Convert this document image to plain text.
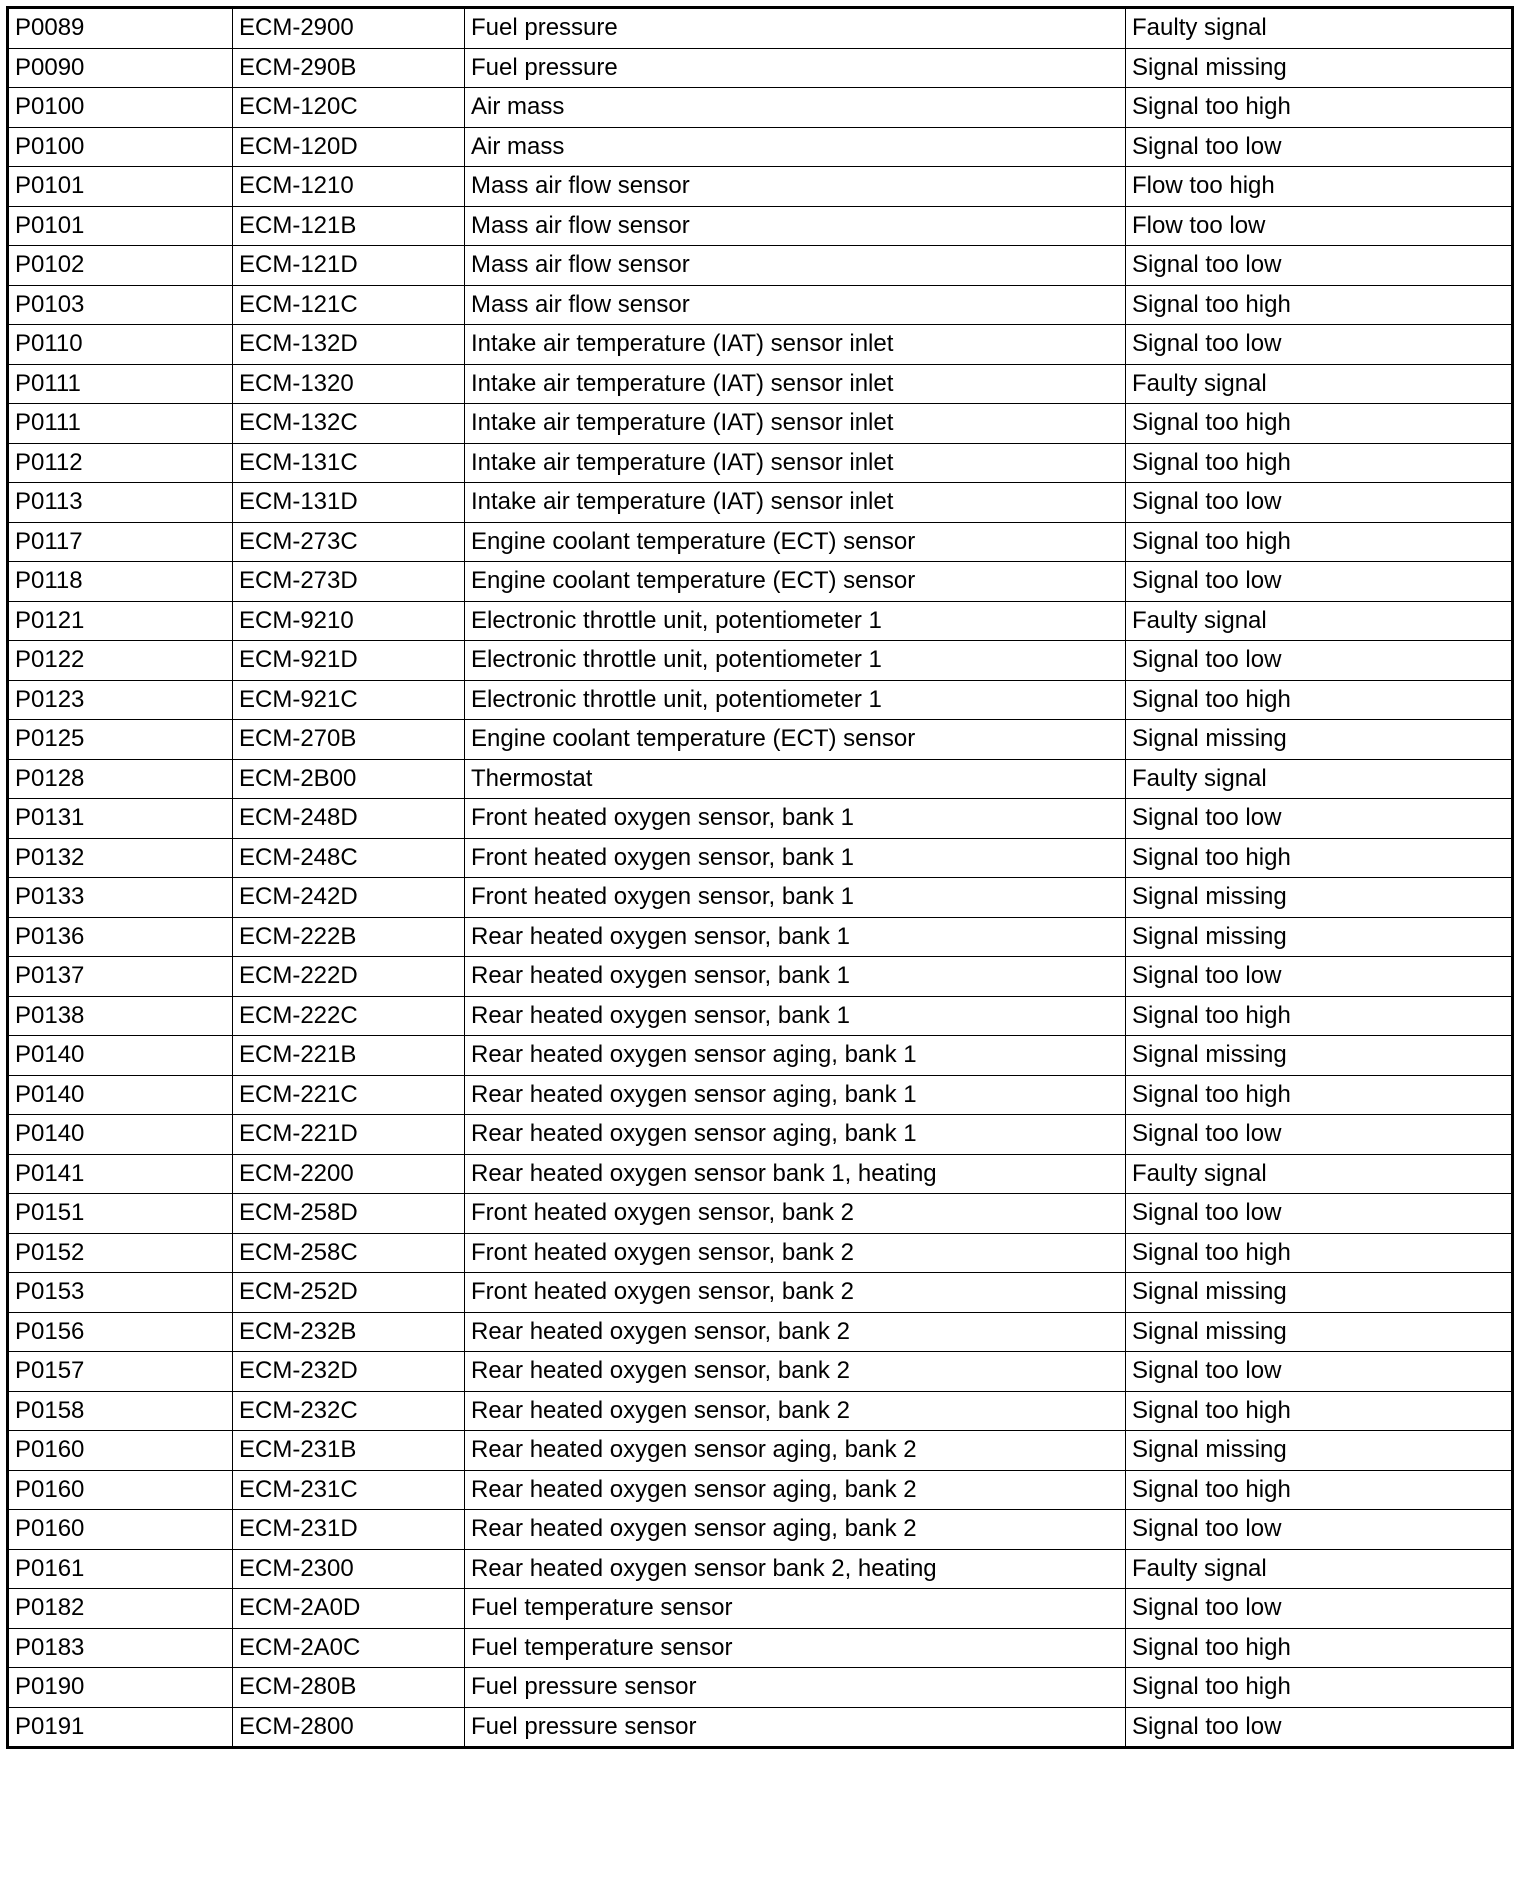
P0089	ECM-2900	Fuel pressure	Faulty signal
P0090	ECM-290B	Fuel pressure	Signal missing
P0100	ECM-120C	Air mass	Signal too high
P0100	ECM-120D	Air mass	Signal too low
P0101	ECM-1210	Mass air flow sensor	Flow too high
P0101	ECM-121B	Mass air flow sensor	Flow too low
P0102	ECM-121D	Mass air flow sensor	Signal too low
P0103	ECM-121C	Mass air flow sensor	Signal too high
P0110	ECM-132D	Intake air temperature (IAT) sensor inlet	Signal too low
P0111	ECM-1320	Intake air temperature (IAT) sensor inlet	Faulty signal
P0111	ECM-132C	Intake air temperature (IAT) sensor inlet	Signal too high
P0112	ECM-131C	Intake air temperature (IAT) sensor inlet	Signal too high
P0113	ECM-131D	Intake air temperature (IAT) sensor inlet	Signal too low
P0117	ECM-273C	Engine coolant temperature (ECT) sensor	Signal too high
P0118	ECM-273D	Engine coolant temperature (ECT) sensor	Signal too low
P0121	ECM-9210	Electronic throttle unit, potentiometer 1	Faulty signal
P0122	ECM-921D	Electronic throttle unit, potentiometer 1	Signal too low
P0123	ECM-921C	Electronic throttle unit, potentiometer 1	Signal too high
P0125	ECM-270B	Engine coolant temperature (ECT) sensor	Signal missing
P0128	ECM-2B00	Thermostat	Faulty signal
P0131	ECM-248D	Front heated oxygen sensor, bank 1	Signal too low
P0132	ECM-248C	Front heated oxygen sensor, bank 1	Signal too high
P0133	ECM-242D	Front heated oxygen sensor, bank 1	Signal missing
P0136	ECM-222B	Rear heated oxygen sensor, bank 1	Signal missing
P0137	ECM-222D	Rear heated oxygen sensor, bank 1	Signal too low
P0138	ECM-222C	Rear heated oxygen sensor, bank 1	Signal too high
P0140	ECM-221B	Rear heated oxygen sensor aging, bank 1	Signal missing
P0140	ECM-221C	Rear heated oxygen sensor aging, bank 1	Signal too high
P0140	ECM-221D	Rear heated oxygen sensor aging, bank 1	Signal too low
P0141	ECM-2200	Rear heated oxygen sensor bank 1, heating	Faulty signal
P0151	ECM-258D	Front heated oxygen sensor, bank 2	Signal too low
P0152	ECM-258C	Front heated oxygen sensor, bank 2	Signal too high
P0153	ECM-252D	Front heated oxygen sensor, bank 2	Signal missing
P0156	ECM-232B	Rear heated oxygen sensor, bank 2	Signal missing
P0157	ECM-232D	Rear heated oxygen sensor, bank 2	Signal too low
P0158	ECM-232C	Rear heated oxygen sensor, bank 2	Signal too high
P0160	ECM-231B	Rear heated oxygen sensor aging, bank 2	Signal missing
P0160	ECM-231C	Rear heated oxygen sensor aging, bank 2	Signal too high
P0160	ECM-231D	Rear heated oxygen sensor aging, bank 2	Signal too low
P0161	ECM-2300	Rear heated oxygen sensor bank 2, heating	Faulty signal
P0182	ECM-2A0D	Fuel temperature sensor	Signal too low
P0183	ECM-2A0C	Fuel temperature sensor	Signal too high
P0190	ECM-280B	Fuel pressure sensor	Signal too high
P0191	ECM-2800	Fuel pressure sensor	Signal too low
